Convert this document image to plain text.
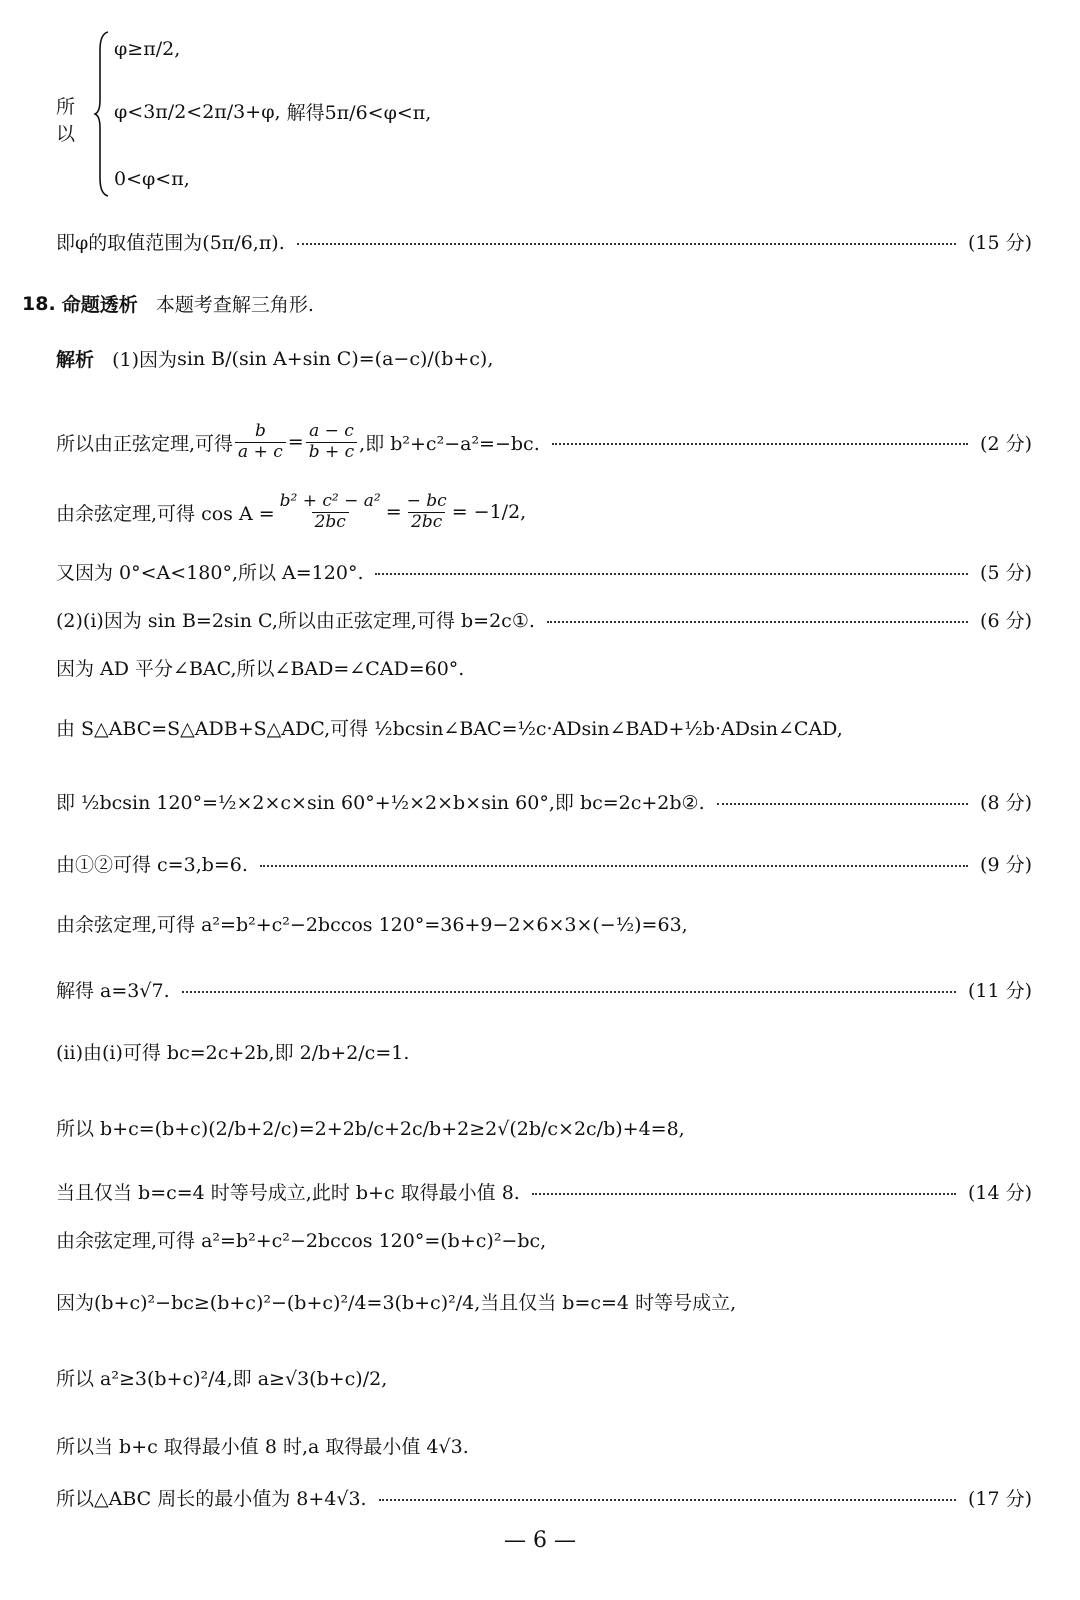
所以
φ≥π/2,
φ<3π/2<2π/3+φ,
解得5π/6<φ<π,
0<φ<π,
即φ的取值范围为(5π/6,π).	(15 分)
18.
命题透析
本题考查解三角形.
解析
(1)因为 sin B/(sin A+sin C)=(a−c)/(b+c),
所以由正弦定理,可得 $\frac{b}{a + c} = \frac{a - c}{b + c}$ ,即 b²+c²−a²=−bc.	(2 分)
由余弦定理,可得 $\cos A = \frac{\text{b² + c² − a²}}{2bc} = \frac{- bc}{2bc} = -1/2$,
又因为 0°<A<180°,所以 A=120°.	(5 分)
(2)(ⅰ)因为 sin B=2sin C,所以由正弦定理,可得 b=2c①.	(6 分)
因为 AD 平分∠BAC,所以∠BAD=∠CAD=60°.
由 S△ABC=S△ADB+S△ADC,可得 ½bcsin∠BAC=½c·ADsin∠BAD+½b·ADsin∠CAD,
即 ½bcsin 120°=½×2×c×sin 60°+½×2×b×sin 60°,即 bc=2c+2b②.	(8 分)
由①②可得 c=3,b=6.	(9 分)
由余弦定理,可得 a²=b²+c²−2bccos 120°=36+9−2×6×3×(−½)=63,
解得 a=3√7.	(11 分)
(ⅱ)由(ⅰ)可得 bc=2c+2b,即 2/b+2/c=1.
所以 b+c=(b+c)(2/b+2/c)=2+2b/c+2c/b+2≥2√(2b/c×2c/b)+4=8,
当且仅当 b=c=4 时等号成立,此时 b+c 取得最小值 8.	(14 分)
由余弦定理,可得 a²=b²+c²−2bccos 120°=(b+c)²−bc,
因为(b+c)²−bc≥(b+c)²−(b+c)²/4=3(b+c)²/4,当且仅当 b=c=4 时等号成立,
所以 a²≥3(b+c)²/4,即 a≥√3(b+c)/2,
所以当 b+c 取得最小值 8 时,a 取得最小值 4√3.
所以△ABC 周长的最小值为 8+4√3.	(17 分)
— 6 —
